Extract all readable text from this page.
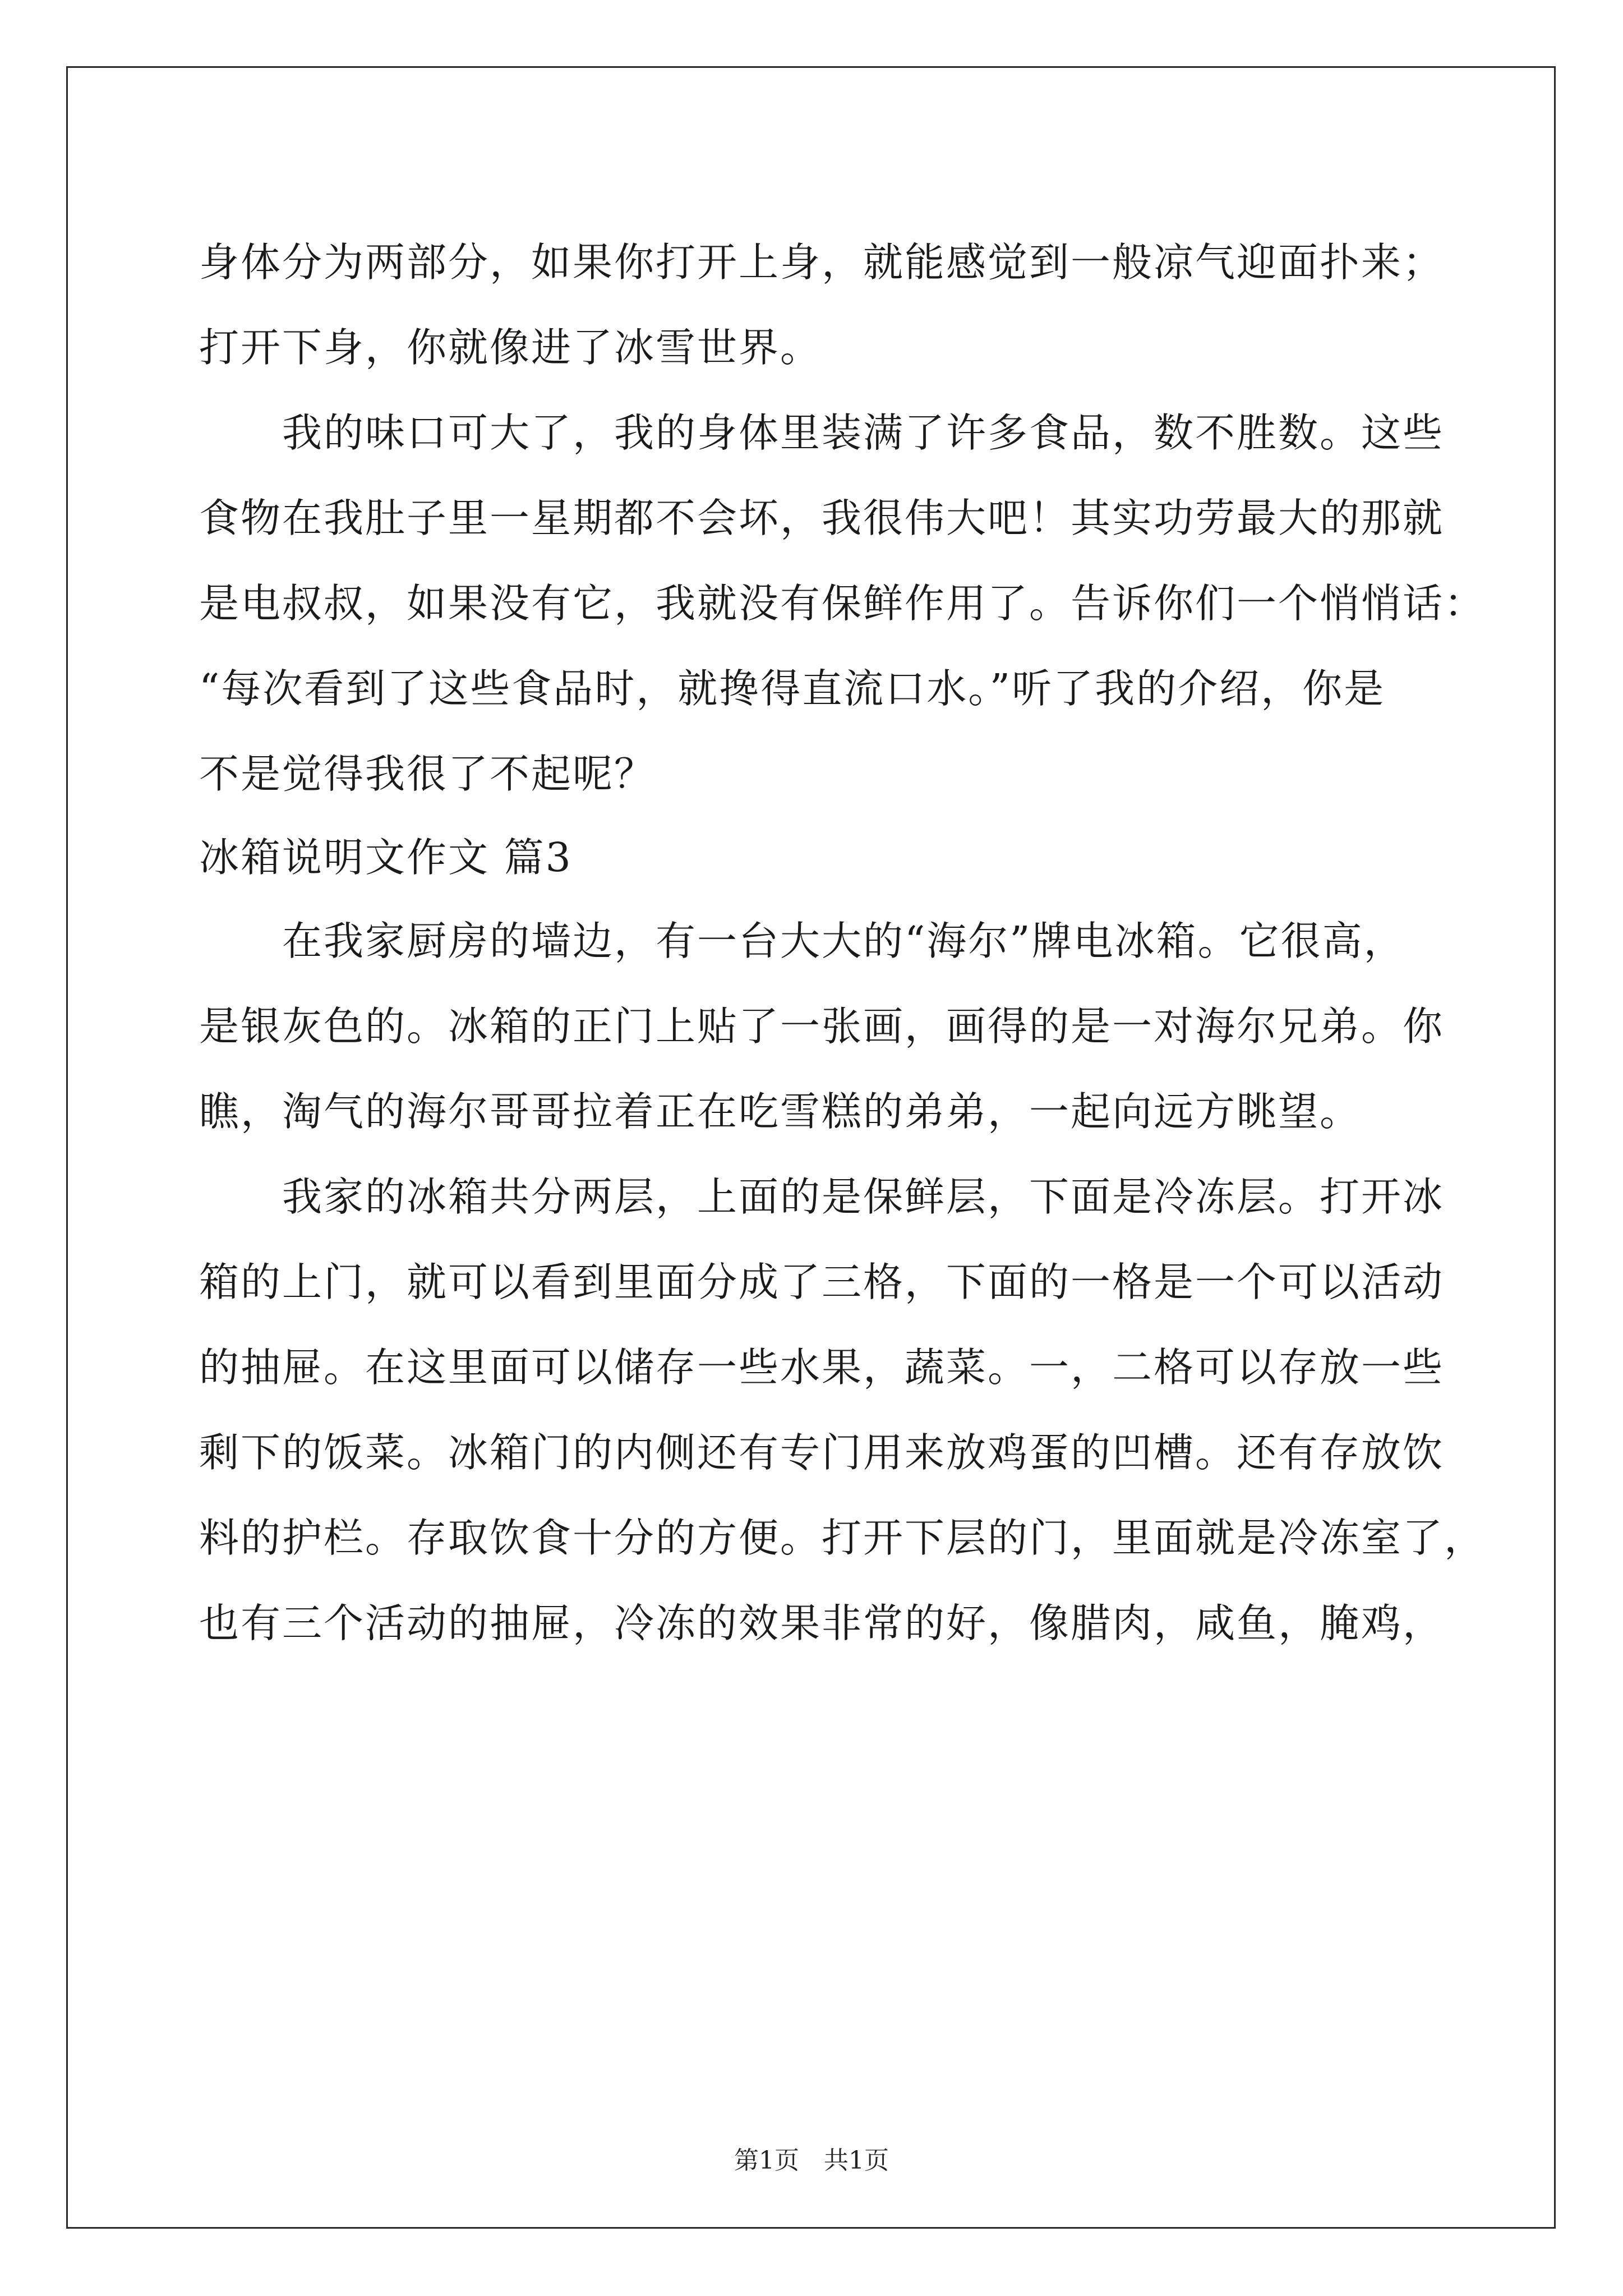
身体分为两部分，如果你打开上身，就能感觉到一般凉气迎面扑来；
打开下身，你就像进了冰雪世界。
　　我的味口可大了，我的身体里装满了许多食品，数不胜数。这些
食物在我肚子里一星期都不会坏，我很伟大吧！其实功劳最大的那就
是电叔叔，如果没有它，我就没有保鲜作用了。告诉你们一个悄悄话：
“每次看到了这些食品时，就搀得直流口水。”听了我的介绍，你是
不是觉得我很了不起呢？
冰箱说明文作文 篇3
　　在我家厨房的墙边，有一台大大的“海尔”牌电冰箱。它很高，
是银灰色的。冰箱的正门上贴了一张画，画得的是一对海尔兄弟。你
瞧，淘气的海尔哥哥拉着正在吃雪糕的弟弟，一起向远方眺望。
　　我家的冰箱共分两层，上面的是保鲜层，下面是冷冻层。打开冰
箱的上门，就可以看到里面分成了三格，下面的一格是一个可以活动
的抽屉。在这里面可以储存一些水果，蔬菜。一，二格可以存放一些
剩下的饭菜。冰箱门的内侧还有专门用来放鸡蛋的凹槽。还有存放饮
料的护栏。存取饮食十分的方便。打开下层的门，里面就是冷冻室了，
也有三个活动的抽屉，冷冻的效果非常的好，像腊肉，咸鱼，腌鸡，
第1页　共1页
